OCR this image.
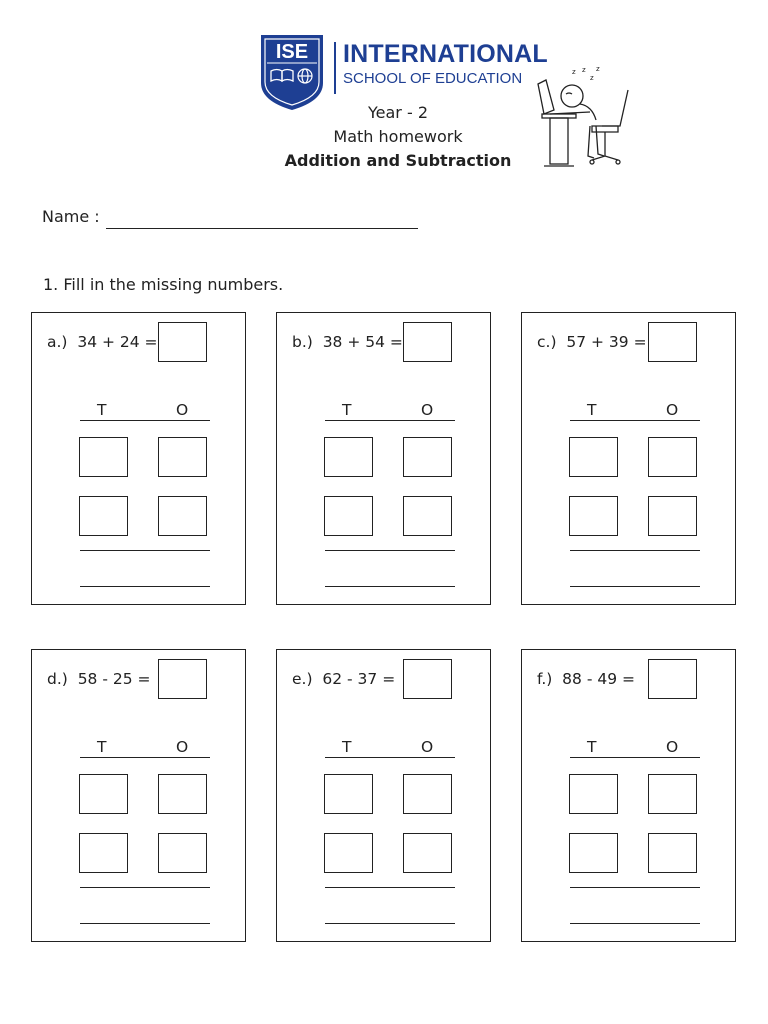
ISE INTERNATIONAL
SCHOOL OF EDUCATION
Year - 2
Math homework
Addition and Subtraction
z z
z
z
Name :
1. Fill in the missing numbers.
a.) 34 + 24 =
T	O
b.) 38 + 54 =
T	O
c.) 57 + 39 =
T	O
d.) 58 - 25 =
T	O
e.) 62 - 37 =
T	O
f.) 88 - 49 =
T	O
